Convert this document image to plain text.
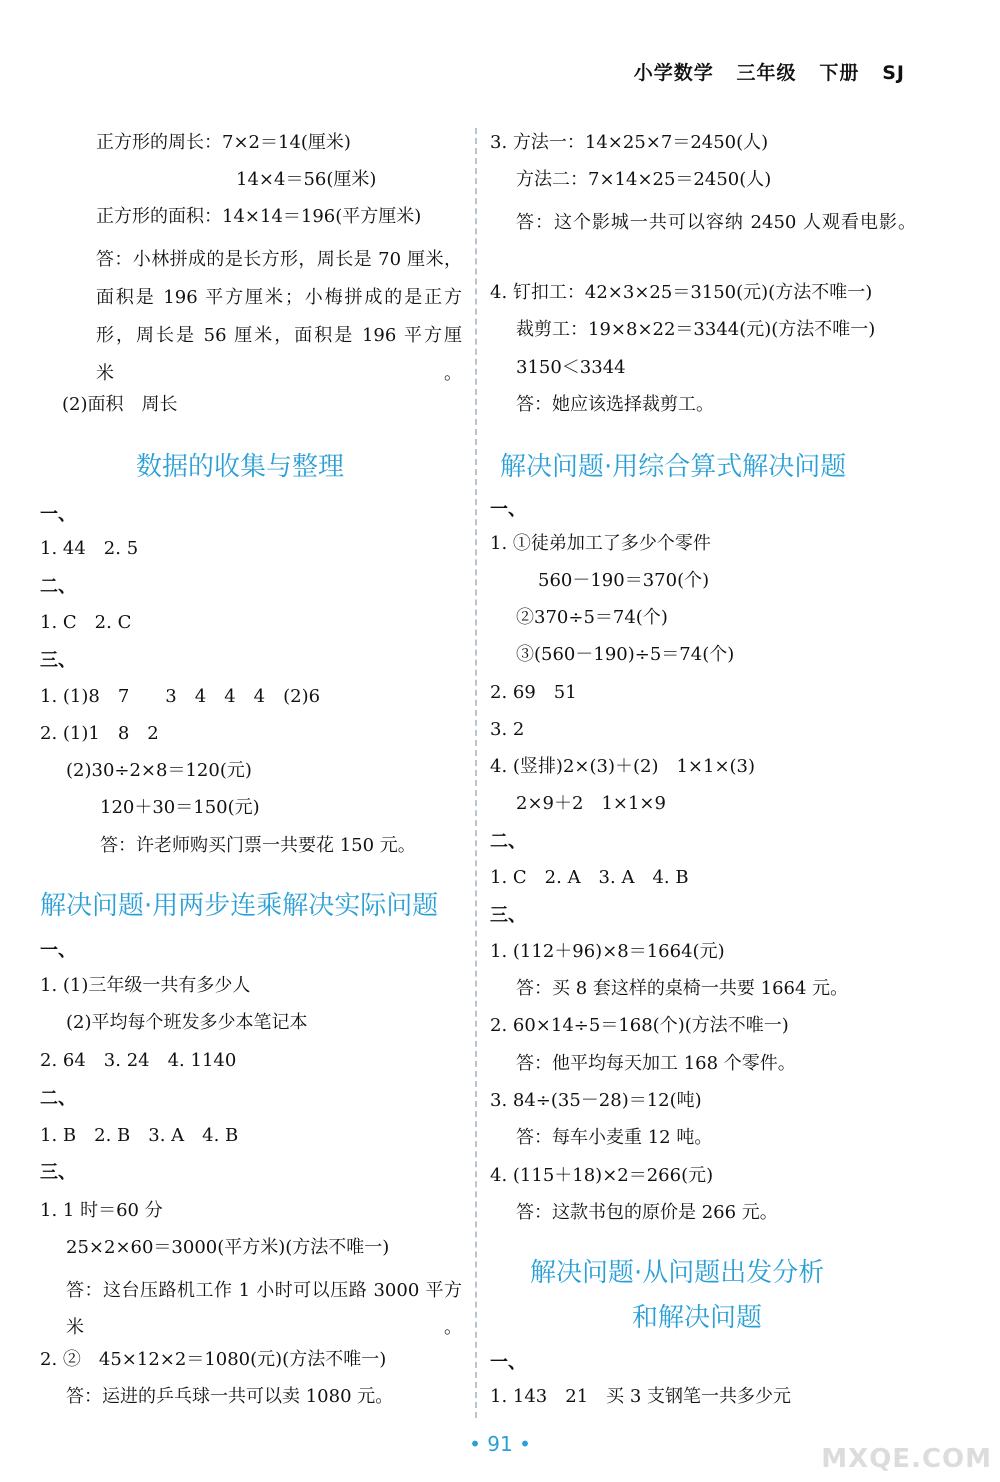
小学数学   三年级   下册   SJ
正方形的周长：7×2＝14(厘米)
14×4＝56(厘米)
正方形的面积：14×14＝196(平方厘米)
答：小林拼成的是长方形，周长是 70 厘米，面积是 196 平方厘米；小梅拼成的是正方形，周长是 56 厘米，面积是 196 平方厘米。
(2)面积　周长
数据的收集与整理
一、
1. 44　2. 5
二、
1. C　2. C
三、
1. (1)8　7　　3　4　4　4　(2)6
2. (1)1　8　2
(2)30÷2×8＝120(元)
120＋30＝150(元)
答：许老师购买门票一共要花 150 元。
解决问题·用两步连乘解决实际问题
一、
1. (1)三年级一共有多少人
(2)平均每个班发多少本笔记本
2. 64　3. 24　4. 1140
二、
1. B　2. B　3. A　4. B
三、
1. 1 时＝60 分
25×2×60＝3000(平方米)(方法不唯一)
答：这台压路机工作 1 小时可以压路 3000 平方米。
2. ②　45×12×2＝1080(元)(方法不唯一)
答：运进的乒乓球一共可以卖 1080 元。
3. 方法一：14×25×7＝2450(人)
方法二：7×14×25＝2450(人)
答：这个影城一共可以容纳 2450 人观看电影。
4. 钉扣工：42×3×25＝3150(元)(方法不唯一)
裁剪工：19×8×22＝3344(元)(方法不唯一)
3150＜3344
答：她应该选择裁剪工。
解决问题·用综合算式解决问题
一、
1. ①徒弟加工了多少个零件
560－190＝370(个)
②370÷5＝74(个)
③(560－190)÷5＝74(个)
2. 69　51
3. 2
4. (竖排)2×(3)＋(2)　1×1×(3)
2×9＋2　1×1×9
二、
1. C　2. A　3. A　4. B
三、
1. (112＋96)×8＝1664(元)
答：买 8 套这样的桌椅一共要 1664 元。
2. 60×14÷5＝168(个)(方法不唯一)
答：他平均每天加工 168 个零件。
3. 84÷(35－28)＝12(吨)
答：每车小麦重 12 吨。
4. (115＋18)×2＝266(元)
答：这款书包的原价是 266 元。
解决问题·从问题出发分析
和解决问题
一、
1. 143　21　买 3 支钢笔一共多少元
• 91 •	MXQE.COM
